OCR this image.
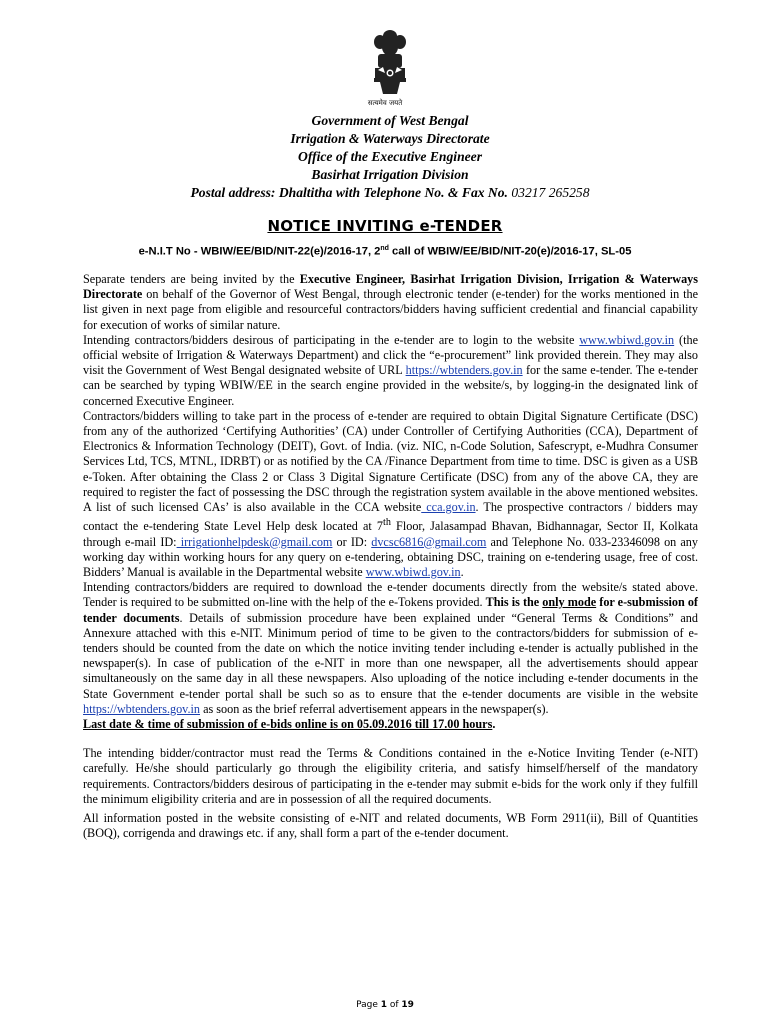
सत्यमेव जयते
Government of West Bengal
Irrigation & Waterways Directorate
Office of the Executive Engineer
Basirhat Irrigation Division
Postal address: Dhaltitha with Telephone No. & Fax No. 03217 265258
NOTICE INVITING e-TENDER
e-N.I.T No - WBIW/EE/BID/NIT-22(e)/2016-17, 2nd call of WBIW/EE/BID/NIT-20(e)/2016-17, SL-05

Separate tenders are being invited by the Executive Engineer, Basirhat Irrigation Division, Irrigation & Waterways Directorate on behalf of the Governor of West Bengal, through electronic tender (e-tender) for the works mentioned in the list given in next page from eligible and resourceful contractors/bidders having sufficient credential and financial capability for execution of works of similar nature.

Intending contractors/bidders desirous of participating in the e-tender are to login to the website www.wbiwd.gov.in (the official website of Irrigation & Waterways Department) and click the “e-procurement” link provided therein. They may also visit the Government of West Bengal designated website of URL https://wbtenders.gov.in for the same e-tender. The e-tender can be searched by typing WBIW/EE in the search engine provided in the website/s, by logging-in the designated link of concerned Executive Engineer.

Contractors/bidders willing to take part in the process of e-tender are required to obtain Digital Signature Certificate (DSC) from any of the authorized ‘Certifying Authorities’ (CA) under Controller of Certifying Authorities (CCA), Department of Electronics & Information Technology (DEIT), Govt. of India. (viz. NIC, n-Code Solution, Safescrypt, e-Mudhra Consumer Services Ltd, TCS, MTNL, IDRBT) or as notified by the CA /Finance Department from time to time. DSC is given as a USB e-Token. After obtaining the Class 2 or Class 3 Digital Signature Certificate (DSC) from any of the above CA, they are required to register the fact of possessing the DSC through the registration system available in the above mentioned websites. A list of such licensed CAs’ is also available in the CCA website cca.gov.in. The prospective contractors / bidders may contact the e-tendering State Level Help desk located at 7th Floor, Jalasampad Bhavan, Bidhannagar, Sector II, Kolkata through e-mail ID: irrigationhelpdesk@gmail.com or ID: dvcsc6816@gmail.com and Telephone No. 033-23346098 on any working day within working hours for any query on e-tendering, obtaining DSC, training on e-tendering usage, free of cost. Bidders’ Manual is available in the Departmental website www.wbiwd.gov.in.

Intending contractors/bidders are required to download the e-tender documents directly from the website/s stated above. Tender is required to be submitted on-line with the help of the e-Tokens provided. This is the only mode for e-submission of tender documents. Details of submission procedure have been explained under “General Terms & Conditions” and Annexure attached with this e-NIT. Minimum period of time to be given to the contractors/bidders for submission of e-tenders should be counted from the date on which the notice inviting tender including e-tender is actually published in the newspaper(s). In case of publication of the e-NIT in more than one newspaper, all the advertisements should appear simultaneously on the same day in all these newspapers. Also uploading of the notice including e-tender documents in the State Government e-tender portal shall be such so as to ensure that the e-tender documents are visible in the website https://wbtenders.gov.in as soon as the brief referral advertisement appears in the newspaper(s).

Last date & time of submission of e-bids online is on 05.09.2016 till 17.00 hours.

The intending bidder/contractor must read the Terms & Conditions contained in the e-Notice Inviting Tender (e-NIT) carefully. He/she should particularly go through the eligibility criteria, and satisfy himself/herself of the mandatory requirements. Contractors/bidders desirous of participating in the e-tender may submit e-bids for the work only if they fulfill the minimum eligibility criteria and are in possession of all the required documents.

All information posted in the website consisting of e-NIT and related documents, WB Form 2911(ii), Bill of Quantities (BOQ), corrigenda and drawings etc. if any, shall form a part of the e-tender document.

Page 1 of 19
